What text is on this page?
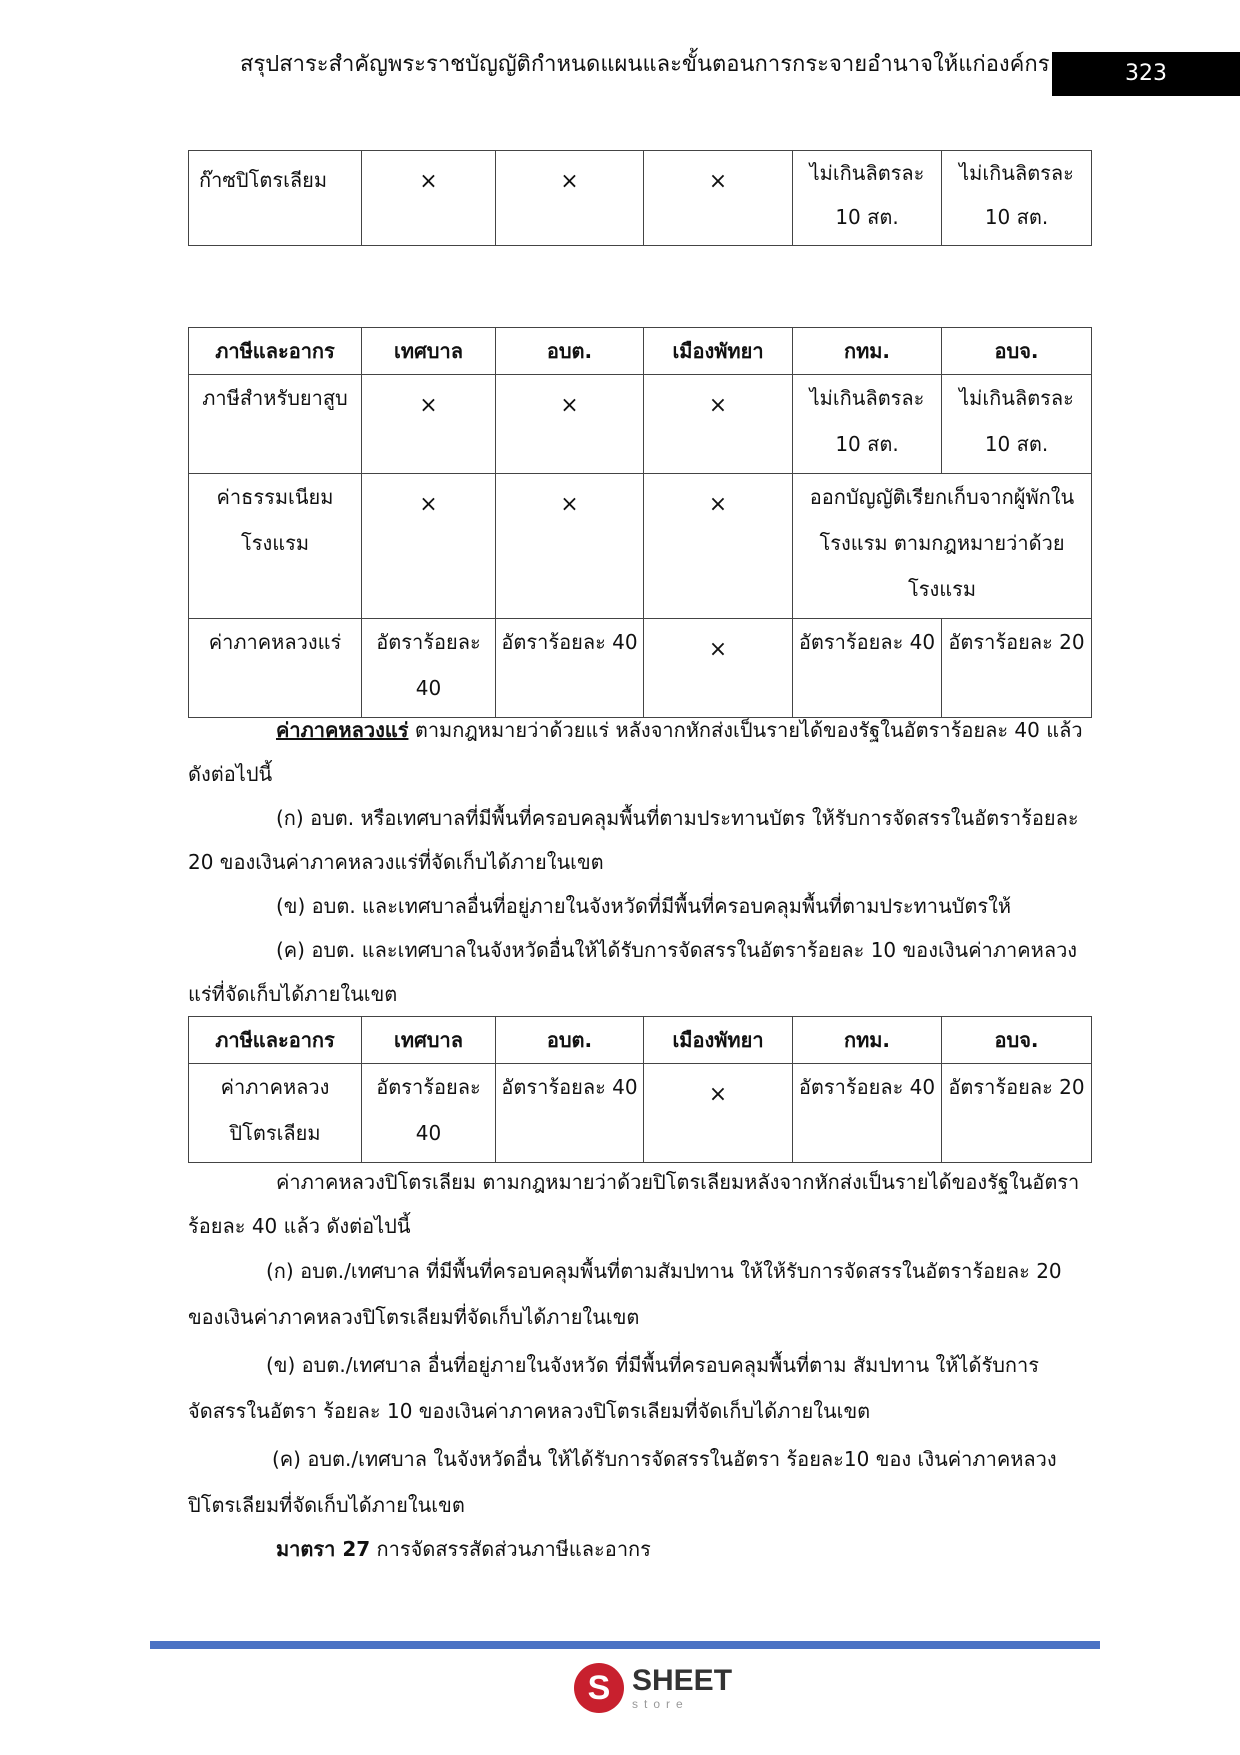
สรุปสาระสำคัญพระราชบัญญัติกำหนดแผนและขั้นตอนการกระจายอำนาจให้แก่องค์กร	323
ก๊าซปิโตรเลียม	×	×	×	ไม่เกินลิตรละ 10 สต.	ไม่เกินลิตรละ 10 สต.
ภาษีและอากร	เทศบาล	อบต.	เมืองพัทยา	กทม.	อบจ.
ภาษีสำหรับยาสูบ	×	×	×	ไม่เกินลิตรละ 10 สต.	ไม่เกินลิตรละ 10 สต.
ค่าธรรมเนียมโรงแรม	×	×	×	ออกบัญญัติเรียกเก็บจากผู้พักในโรงแรม ตามกฎหมายว่าด้วยโรงแรม	
ค่าภาคหลวงแร่	อัตราร้อยละ 40	อัตราร้อยละ 40	×	อัตราร้อยละ 40	อัตราร้อยละ 20
ค่าภาคหลวงแร่ ตามกฎหมายว่าด้วยแร่ หลังจากหักส่งเป็นรายได้ของรัฐในอัตราร้อยละ 40 แล้วดังต่อไปนี้
(ก) อบต. หรือเทศบาลที่มีพื้นที่ครอบคลุมพื้นที่ตามประทานบัตร ให้รับการจัดสรรในอัตราร้อยละ 20 ของเงินค่าภาคหลวงแร่ที่จัดเก็บได้ภายในเขต
(ข) อบต. และเทศบาลอื่นที่อยู่ภายในจังหวัดที่มีพื้นที่ครอบคลุมพื้นที่ตามประทานบัตรให้
(ค) อบต. และเทศบาลในจังหวัดอื่นให้ได้รับการจัดสรรในอัตราร้อยละ 10 ของเงินค่าภาคหลวงแร่ที่จัดเก็บได้ภายในเขต
ภาษีและอากร	เทศบาล	อบต.	เมืองพัทยา	กทม.	อบจ.
ค่าภาคหลวงปิโตรเลียม	อัตราร้อยละ 40	อัตราร้อยละ 40	×	อัตราร้อยละ 40	อัตราร้อยละ 20
ค่าภาคหลวงปิโตรเลียม ตามกฎหมายว่าด้วยปิโตรเลียมหลังจากหักส่งเป็นรายได้ของรัฐในอัตราร้อยละ 40 แล้ว ดังต่อไปนี้
(ก) อบต./เทศบาล ที่มีพื้นที่ครอบคลุมพื้นที่ตามสัมปทาน ให้ให้รับการจัดสรรในอัตราร้อยละ 20 ของเงินค่าภาคหลวงปิโตรเลียมที่จัดเก็บได้ภายในเขต
(ข) อบต./เทศบาล อื่นที่อยู่ภายในจังหวัด ที่มีพื้นที่ครอบคลุมพื้นที่ตาม สัมปทาน ให้ได้รับการจัดสรรในอัตรา ร้อยละ 10 ของเงินค่าภาคหลวงปิโตรเลียมที่จัดเก็บได้ภายในเขต
(ค) อบต./เทศบาล ในจังหวัดอื่น ให้ได้รับการจัดสรรในอัตรา ร้อยละ10 ของ เงินค่าภาคหลวงปิโตรเลียมที่จัดเก็บได้ภายในเขต
มาตรา 27 การจัดสรรสัดส่วนภาษีและอากร
S SHEET
store
